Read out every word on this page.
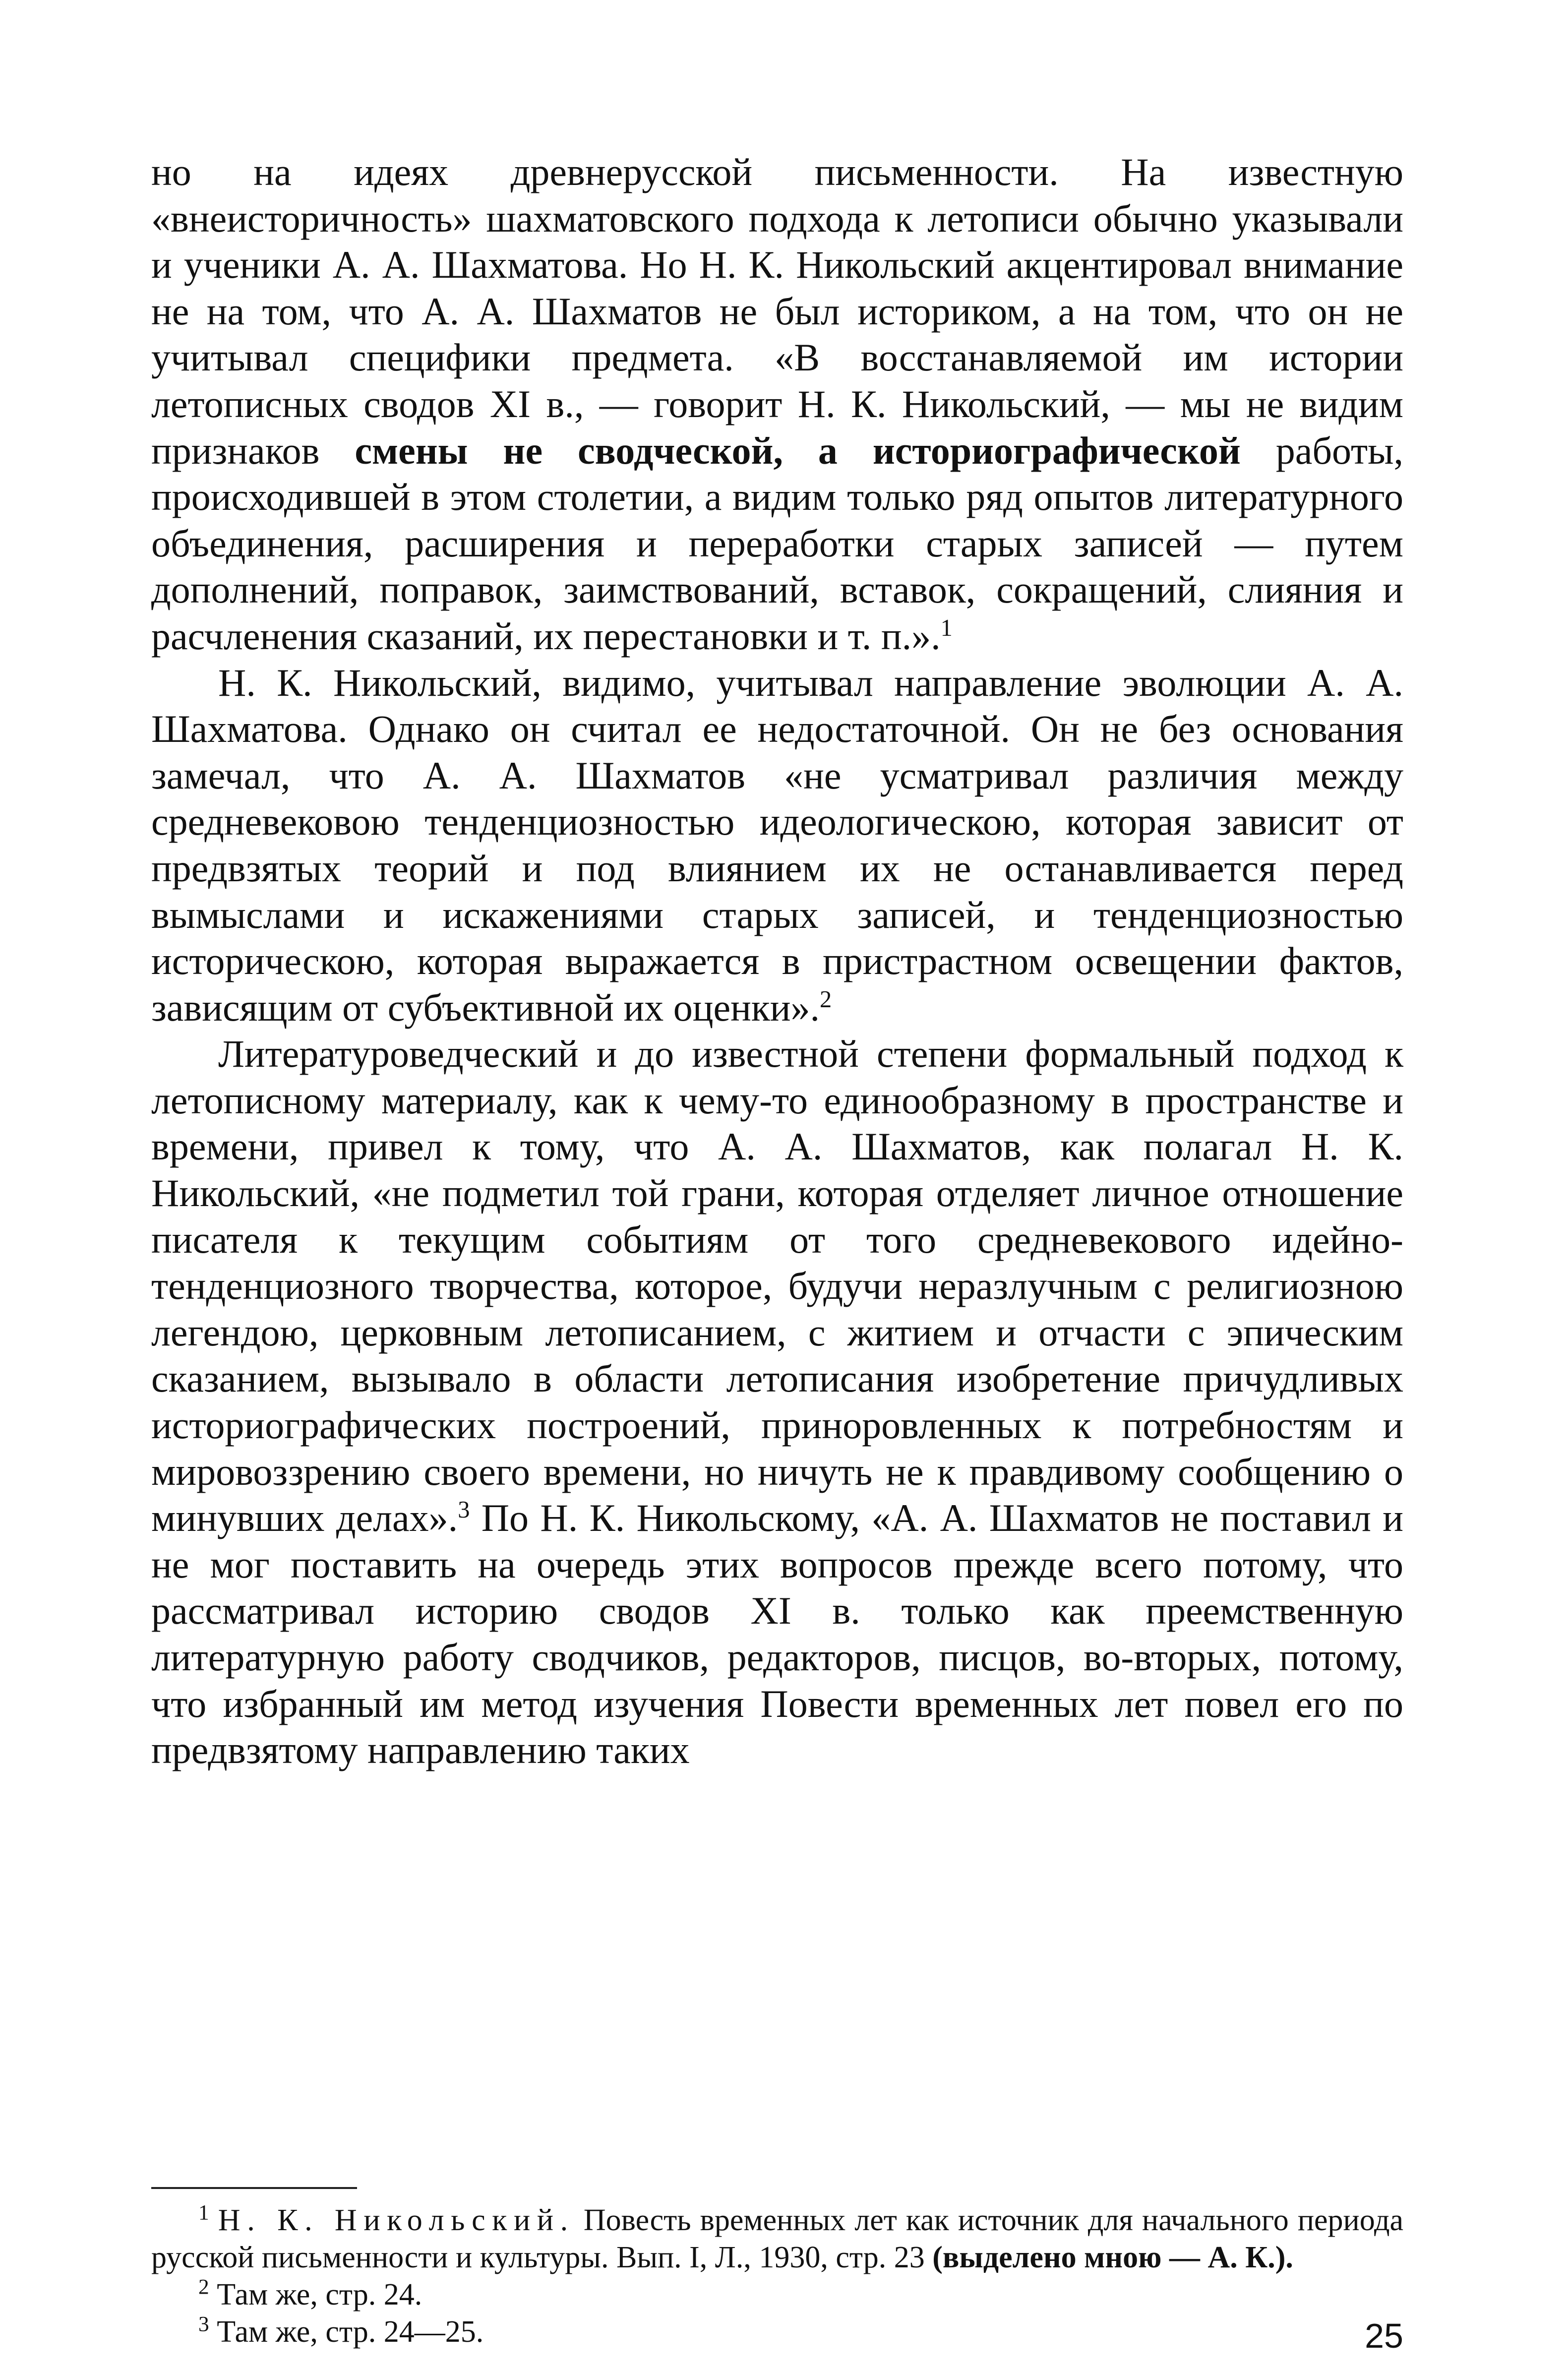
но на идеях древнерусской письменности. На известную «внеисторичность» шахматовского подхода к летописи обычно указывали и ученики А. А. Шахматова. Но Н. К. Никольский акцентировал внимание не на том, что А. А. Шахматов не был историком, а на том, что он не учитывал специфики предмета. «В восстанавляемой им истории летописных сводов XI в., — говорит Н. К. Никольский, — мы не видим признаков смены не сводческой, а историографической работы, происходившей в этом столетии, а видим только ряд опытов литературного объединения, расширения и переработки старых записей — путем дополнений, поправок, заимствований, вставок, сокращений, слияния и расчленения сказаний, их перестановки и т. п.».$^1$

Н. К. Никольский, видимо, учитывал направление эволюции А. А. Шахматова. Однако он считал ее недостаточной. Он не без основания замечал, что А. А. Шахматов «не усматривал различия между средневековою тенденциозностью идеологическою, которая зависит от предвзятых теорий и под влиянием их не останавливается перед вымыслами и искажениями старых записей, и тенденциозностью историческою, которая выражается в пристрастном освещении фактов, зависящим от субъективной их оценки».$^2$

Литературоведческий и до известной степени формальный подход к летописному материалу, как к чему-то единообразному в пространстве и времени, привел к тому, что А. А. Шахматов, как полагал Н. К. Никольский, «не подметил той грани, которая отделяет личное отношение писателя к текущим событиям от того средневекового идейно-тенденциозного творчества, которое, будучи неразлучным с религиозною легендою, церковным летописанием, с житием и отчасти с эпическим сказанием, вызывало в области летописания изобретение причудливых историографических построений, приноровленных к потребностям и мировоззрению своего времени, но ничуть не к правдивому сообщению о минувших делах».$^3$ По Н. К. Никольскому, «А. А. Шахматов не поставил и не мог поставить на очередь этих вопросов прежде всего потому, что рассматривал историю сводов XI в. только как преемственную литературную работу сводчиков, редакторов, писцов, во-вторых, потому, что избранный им метод изучения Повести временных лет повел его по предвзятому направлению таких

$^1$ Н. К. Никольский. Повесть временных лет как источник для начального периода русской письменности и культуры. Вып. I, Л., 1930, стр. 23 (выделено мною — А. К.).

$^2$ Там же, стр. 24.

$^3$ Там же, стр. 24—25.	25
